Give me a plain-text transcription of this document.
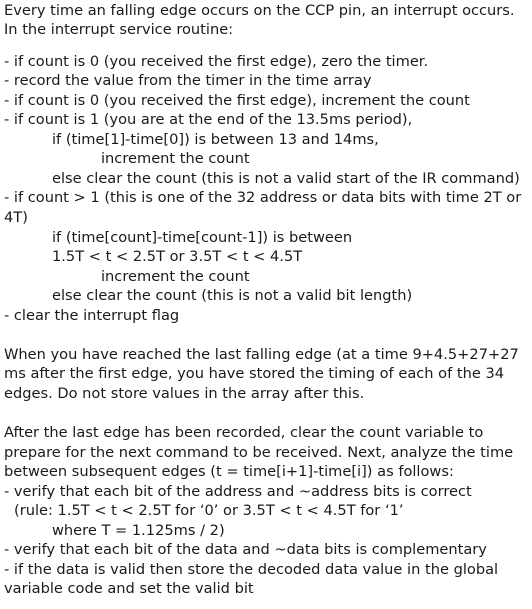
Every time an falling edge occurs on the CCP pin, an interrupt occurs.
In the interrupt service routine:
- if count is 0 (you received the first edge), zero the timer.
- record the value from the timer in the time array
- if count is 0 (you received the first edge), increment the count
- if count is 1 (you are at the end of the 13.5ms period),
if (time[1]-time[0]) is between 13 and 14ms,
increment the count
else clear the count (this is not a valid start of the IR command)
- if count > 1 (this is one of the 32 address or data bits with time 2T or
4T)
if (time[count]-time[count-1]) is between
1.5T < t < 2.5T or 3.5T < t < 4.5T
increment the count
else clear the count (this is not a valid bit length)
- clear the interrupt flag
When you have reached the last falling edge (at a time 9+4.5+27+27
ms after the first edge, you have stored the timing of each of the 34
edges. Do not store values in the array after this.
After the last edge has been recorded, clear the count variable to
prepare for the next command to be received. Next, analyze the time
between subsequent edges (t = time[i+1]-time[i]) as follows:
- verify that each bit of the address and ~address bits is correct
(rule: 1.5T < t < 2.5T for ‘0’ or 3.5T < t < 4.5T for ‘1’
where T = 1.125ms / 2)
- verify that each bit of the data and ~data bits is complementary
- if the data is valid then store the decoded data value in the global
variable code and set the valid bit
